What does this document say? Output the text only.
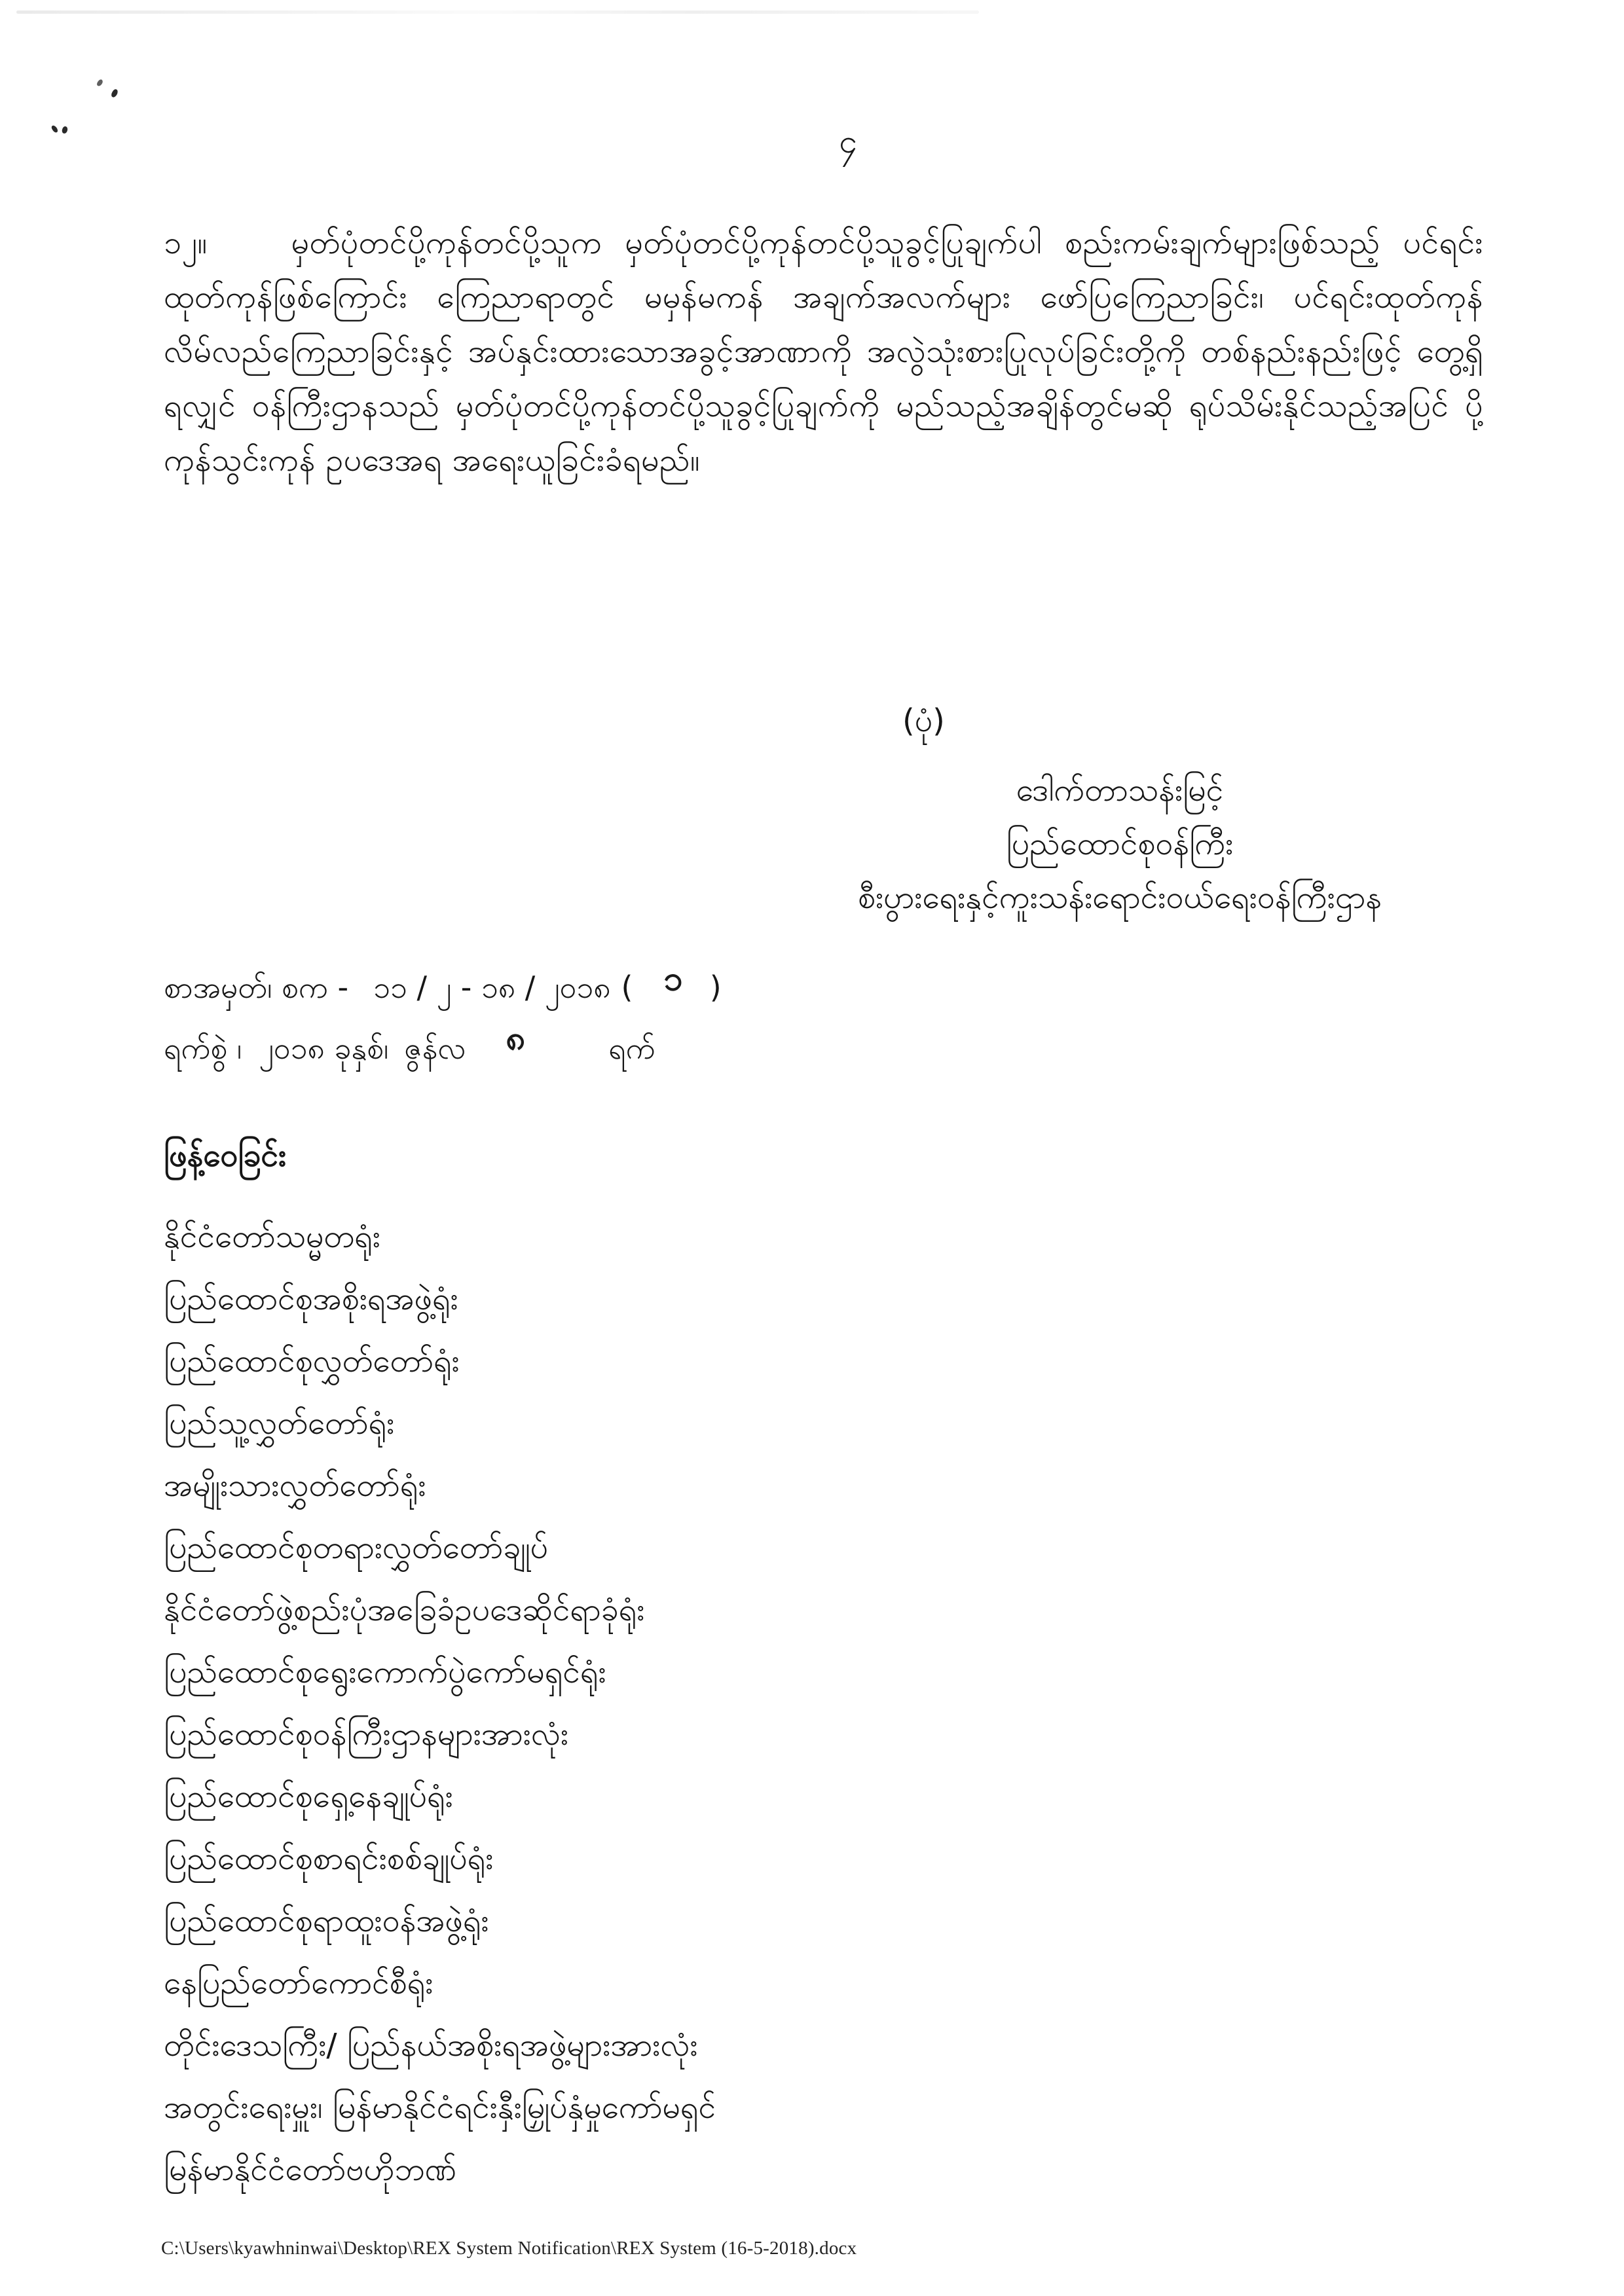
၄
၁၂။	မှတ်ပုံတင်ပို့ကုန်တင်ပို့သူက မှတ်ပုံတင်ပို့ကုန်တင်ပို့သူခွင့်ပြုချက်ပါ စည်းကမ်းချက်များဖြစ်သည့် ပင်ရင်းထုတ်ကုန်ဖြစ်ကြောင်း ကြေညာရာတွင် မမှန်မကန် အချက်အလက်များ ဖော်ပြကြေညာခြင်း၊ ပင်ရင်းထုတ်ကုန်လိမ်လည်ကြေညာခြင်းနှင့် အပ်နှင်းထားသောအခွင့်အာဏာကို အလွဲသုံးစားပြုလုပ်ခြင်းတို့ကို တစ်နည်းနည်းဖြင့် တွေ့ရှိရလျှင် ဝန်ကြီးဌာနသည် မှတ်ပုံတင်ပို့ကုန်တင်ပို့သူခွင့်ပြုချက်ကို မည်သည့်အချိန်တွင်မဆို ရုပ်သိမ်းနိုင်သည့်အပြင် ပို့ကုန်သွင်းကုန် ဥပဒေအရ အရေးယူခြင်းခံရမည်။
(ပုံ)
ဒေါက်တာသန်းမြင့်
ပြည်ထောင်စုဝန်ကြီး
စီးပွားရေးနှင့်ကူးသန်းရောင်းဝယ်ရေးဝန်ကြီးဌာန
စာအမှတ်၊ စက - ၁၁ / ၂ - ၁၈ / ၂၀၁၈ ( ၁ )
ရက်စွဲ ၊ ၂၀၁၈ ခုနှစ်၊ ဇွန်လ ၈	ရက်
ဖြန့်ဝေခြင်း
နိုင်ငံတော်သမ္မတရုံး
ပြည်ထောင်စုအစိုးရအဖွဲ့ရုံး
ပြည်ထောင်စုလွှတ်တော်ရုံး
ပြည်သူ့လွှတ်တော်ရုံး
အမျိုးသားလွှတ်တော်ရုံး
ပြည်ထောင်စုတရားလွှတ်တော်ချုပ်
နိုင်ငံတော်ဖွဲ့စည်းပုံအခြေခံဥပဒေဆိုင်ရာခုံရုံး
ပြည်ထောင်စုရွေးကောက်ပွဲကော်မရှင်ရုံး
ပြည်ထောင်စုဝန်ကြီးဌာနများအားလုံး
ပြည်ထောင်စုရှေ့နေချုပ်ရုံး
ပြည်ထောင်စုစာရင်းစစ်ချုပ်ရုံး
ပြည်ထောင်စုရာထူးဝန်အဖွဲ့ရုံး
နေပြည်တော်ကောင်စီရုံး
တိုင်းဒေသကြီး/ ပြည်နယ်အစိုးရအဖွဲ့များအားလုံး
အတွင်းရေးမှူး၊ မြန်မာနိုင်ငံရင်းနှီးမြှုပ်နှံမှုကော်မရှင်
မြန်မာနိုင်ငံတော်ဗဟိုဘဏ်
C:\Users\kyawhninwai\Desktop\REX System Notification\REX System (16-5-2018).docx
